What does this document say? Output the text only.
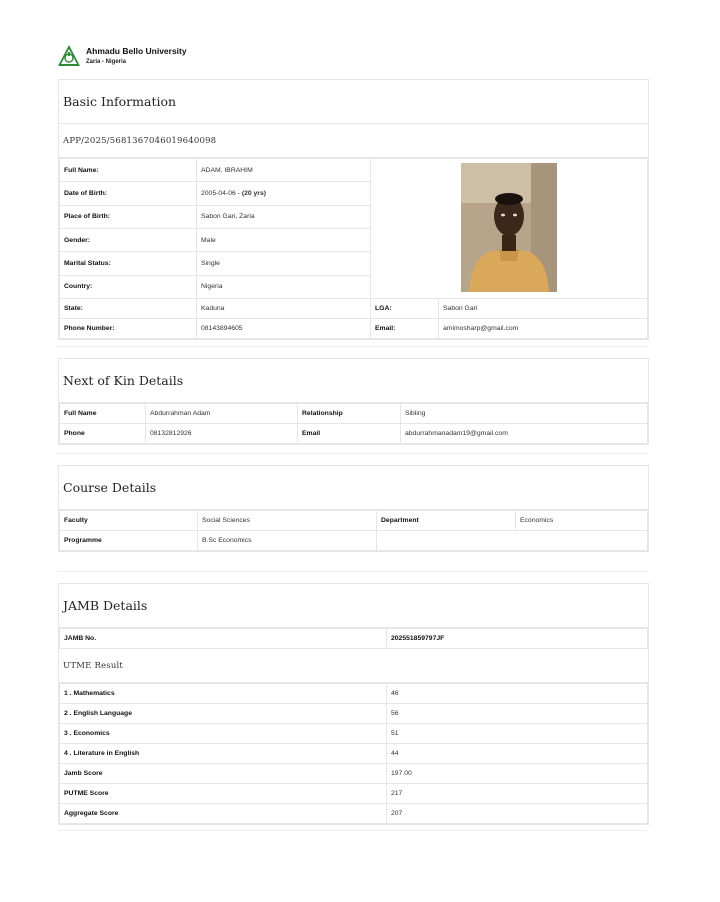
Ahmadu Bello University
Zaria - Nigeria
Basic Information
APP/2025/5681367046019640098
Full Name:	ADAM, IBRAHIM	
Date of Birth:	2005-04-06 - (20 yrs)		
Place of Birth:	Sabon Gari, Zaria		
Gender:	Male		
Marital Status:	Single		
Country:	Nigeria		
State:	Kaduna	LGA:	Sabon Gari
Phone Number:	08143894605	Email:	amimosharp@gmail.com
Next of Kin Details
Full Name	Abdurrahman Adam	Relationship	Sibling
Phone	08132812926	Email	abdurrahmanadam19@gmail.com
Course Details
Faculty	Social Sciences	Department	Economics
Programme	B.Sc Economics		
JAMB Details
JAMB No.	202551859797JF
UTME Result
1 . Mathematics	46
2 . English Language	56
3 . Economics	51
4 . Literature in English	44
Jamb Score	197.00
PUTME Score	217
Aggregate Score	207
